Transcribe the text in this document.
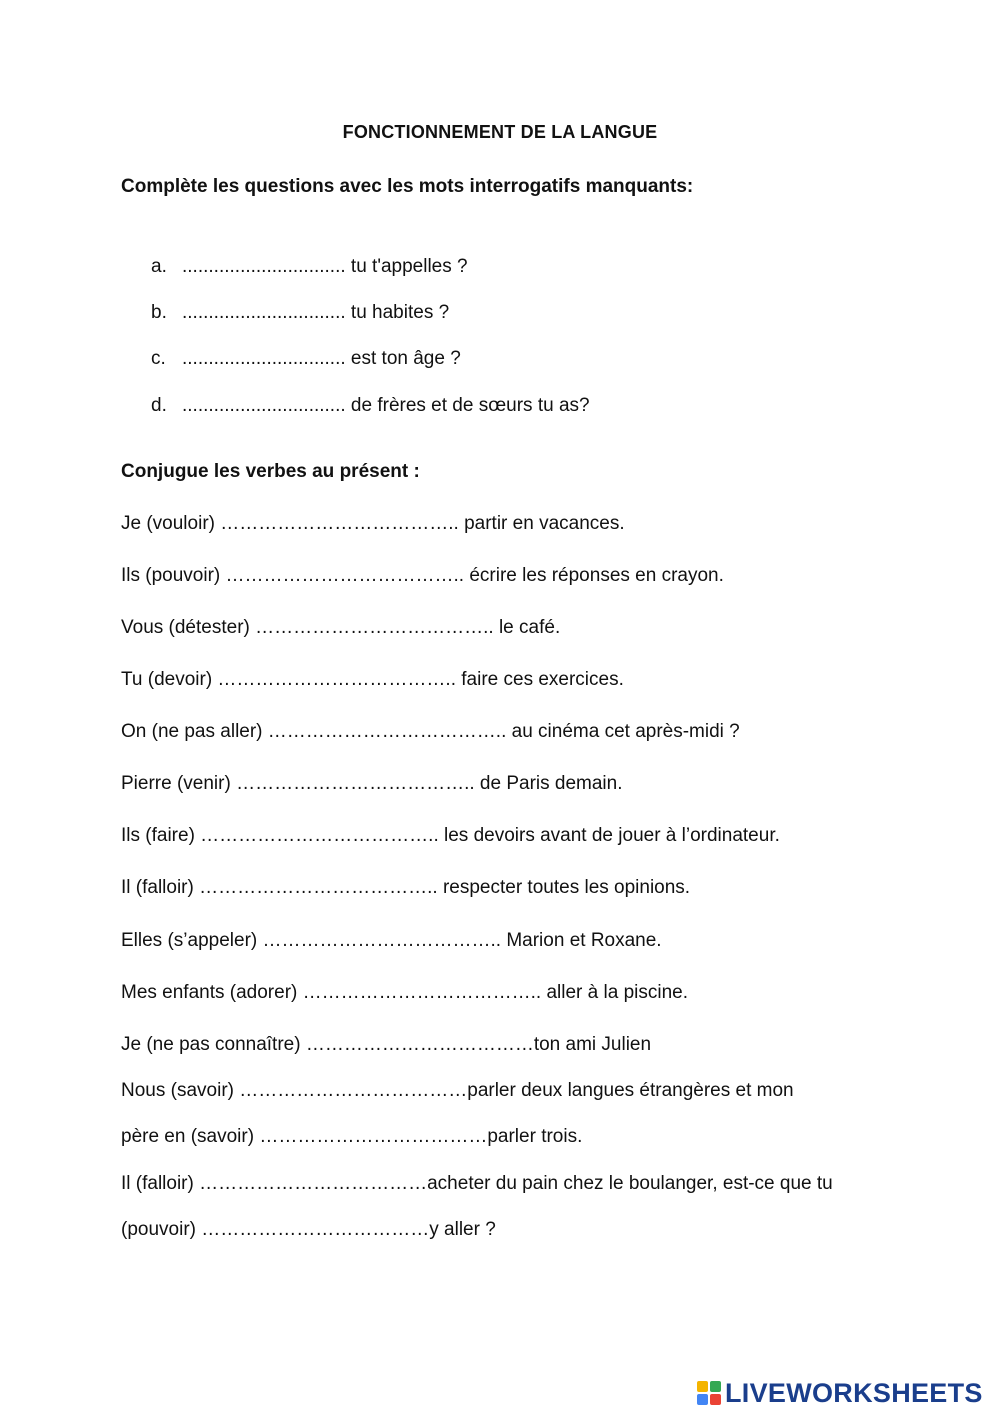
FONCTIONNEMENT DE LA LANGUE
Complète les questions avec les mots interrogatifs manquants:
a. ............................... tu t'appelles ?
b. ............................... tu habites ?
c. ............................... est ton âge ?
d. ............................... de frères et de sœurs tu as?
Conjugue les verbes au présent :
Je (vouloir) ……………………………….. partir en vacances.
Ils (pouvoir) ……………………………….. écrire les réponses en crayon.
Vous (détester) ……………………………….. le café.
Tu (devoir) ……………………………….. faire ces exercices.
On (ne pas aller) ……………………………….. au cinéma cet après-midi ?
Pierre (venir) ……………………………….. de Paris demain.
Ils (faire) ……………………………….. les devoirs avant de jouer à l’ordinateur.
Il (falloir) ……………………………….. respecter toutes les opinions.
Elles (s’appeler) ……………………………….. Marion et Roxane.
Mes enfants (adorer) ……………………………….. aller à la piscine.
Je (ne pas connaître) ………………………………ton ami Julien
Nous (savoir) ………………………………parler deux langues étrangères et mon
père en (savoir) ………………………………parler trois.
Il (falloir) ………………………………acheter du pain chez le boulanger, est-ce que tu
(pouvoir) ………………………………y aller ?
LIVEWORKSHEETS
